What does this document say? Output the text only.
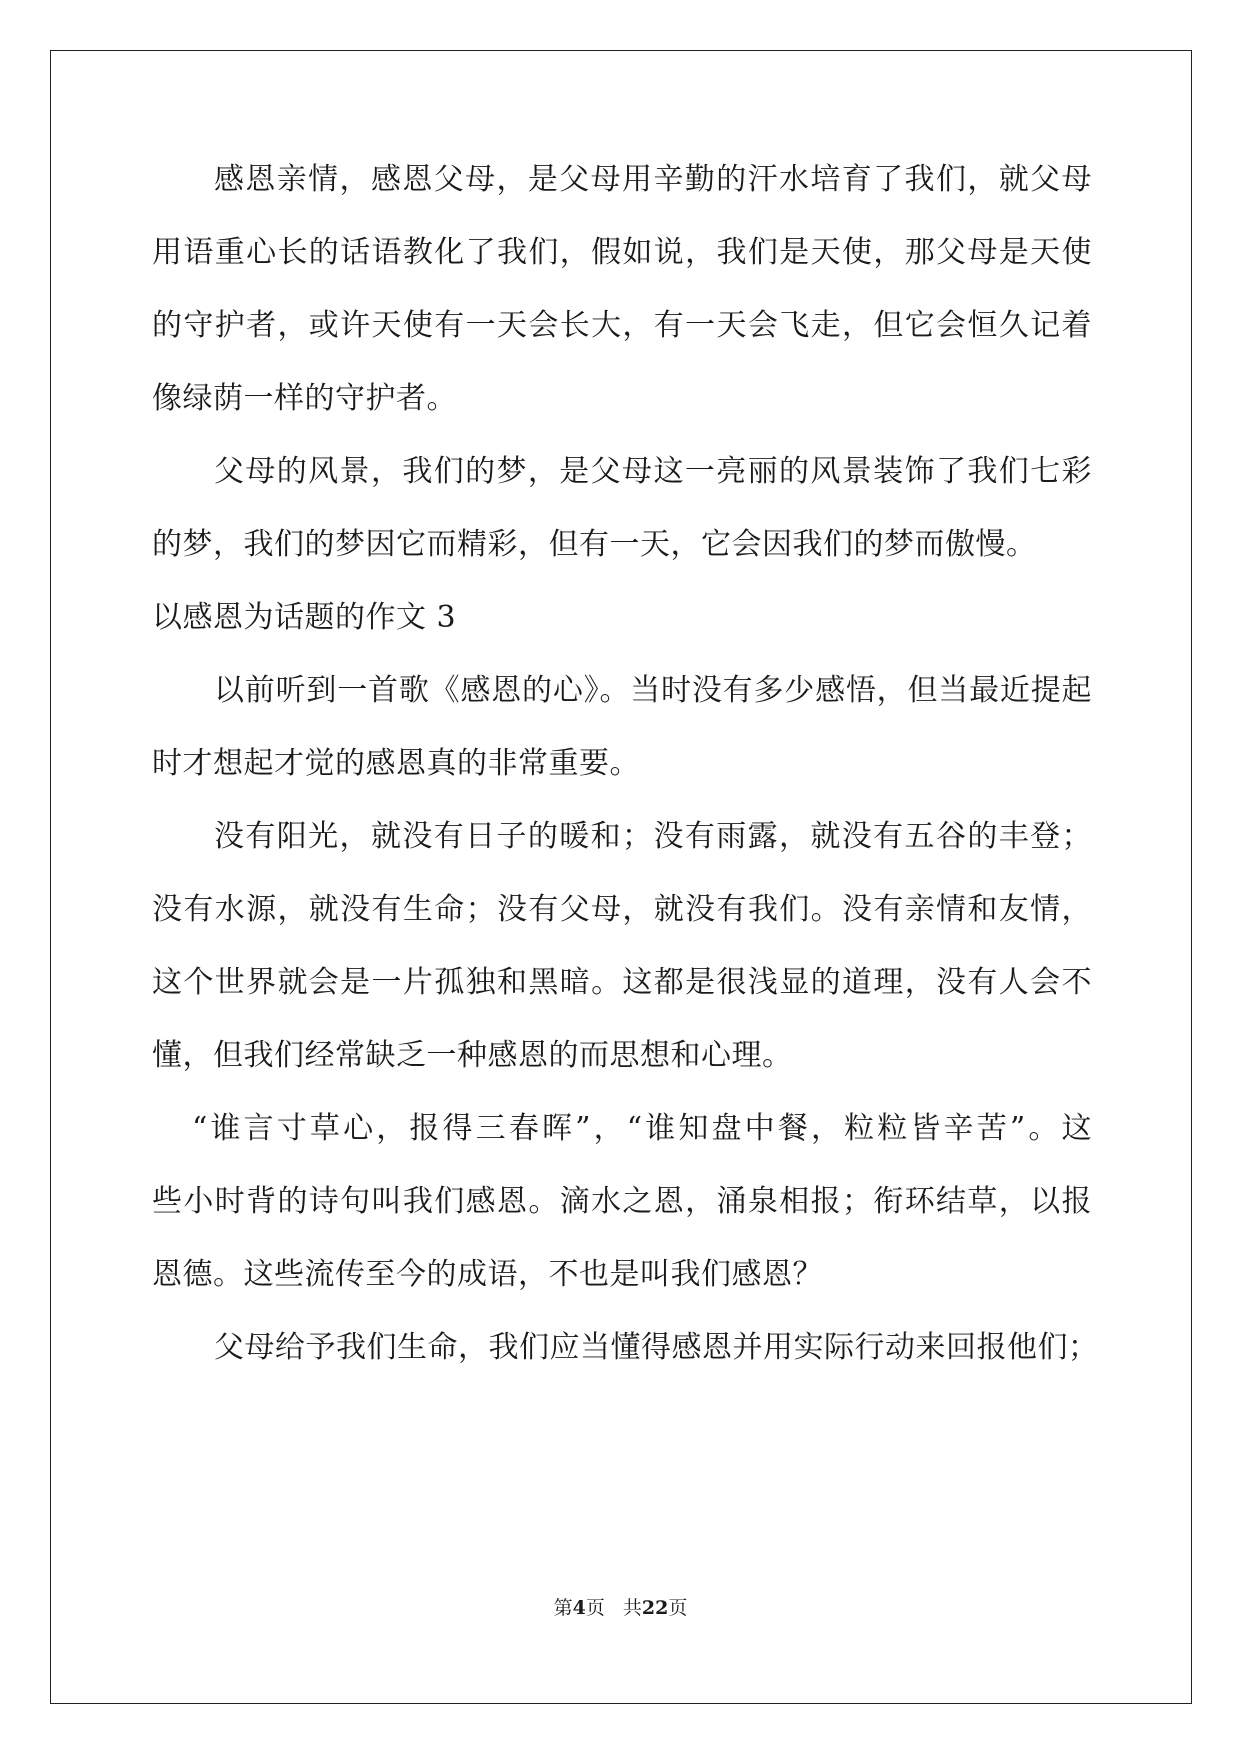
感恩亲情，感恩父母，是父母用辛勤的汗水培育了我们，就父母
用语重心长的话语教化了我们，假如说，我们是天使，那父母是天使
的守护者，或许天使有一天会长大，有一天会飞走，但它会恒久记着
像绿荫一样的守护者。
父母的风景，我们的梦，是父母这一亮丽的风景装饰了我们七彩
的梦，我们的梦因它而精彩，但有一天，它会因我们的梦而傲慢。
以感恩为话题的作文 3
以前听到一首歌《感恩的心》。当时没有多少感悟，但当最近提起
时才想起才觉的感恩真的非常重要。
没有阳光，就没有日子的暖和；没有雨露，就没有五谷的丰登；
没有水源，就没有生命；没有父母，就没有我们。没有亲情和友情，
这个世界就会是一片孤独和黑暗。这都是很浅显的道理，没有人会不
懂，但我们经常缺乏一种感恩的而思想和心理。
“谁言寸草心，报得三春晖”，“谁知盘中餐，粒粒皆辛苦”。这
些小时背的诗句叫我们感恩。滴水之恩，涌泉相报；衔环结草，以报
恩德。这些流传至今的成语，不也是叫我们感恩？
父母给予我们生命，我们应当懂得感恩并用实际行动来回报他们；
第4页 共22页
